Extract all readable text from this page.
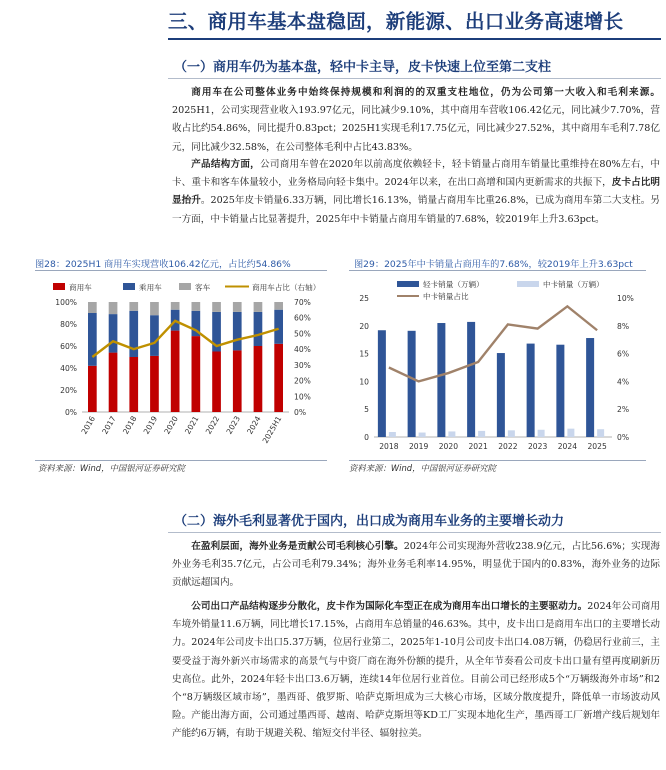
三、商用车基本盘稳固，新能源、出口业务高速增长
（一）商用车仍为基本盘，轻中卡主导，皮卡快速上位至第二支柱

商用车在公司整体业务中始终保持规模和利润的的双重支柱地位，仍为公司第一大收入和毛利来源。2025H1，公司实现营业收入193.97亿元，同比减少9.10%，其中商用车营收106.42亿元，同比减少7.70%，营收占比约54.86%，同比提升0.83pct；2025H1实现毛利17.75亿元，同比减少27.52%，其中商用车毛利7.78亿元，同比减少32.58%，在公司整体毛利中占比43.83%。

产品结构方面，公司商用车曾在2020年以前高度依赖轻卡，轻卡销量占商用车销量比重维持在80%左右，中卡、重卡和客车体量较小，业务格局向轻卡集中。2024年以来，在出口高增和国内更新需求的共振下，皮卡占比明显抬升。2025年皮卡销量6.33万辆，同比增长16.13%，销量占商用车比重26.8%，已成为商用车第二大支柱。另一方面，中卡销量占比显著提升，2025年中卡销量占商用车销量的7.68%，较2019年上升3.63pct。

图28：2025H1 商用车实现营收106.42亿元，占比约54.86%
商用车	乘用车	客车	商用车占比（右轴）
0%
20%
40%
60%
80%
100%
0%
10%
20%
30%
40%
50%
60%
70%
2016 2017 2018 2019 2020 2021 2022 2023 2024
2025H1
资料来源：Wind，中国银河证券研究院
图29：2025年中卡销量占商用车的7.68%，较2019年上升3.63pct
轻卡销量（万辆）	中卡销量（万辆）
中卡销量占比
0
5
10
15
20
25
0%
2%
4%
6%
8%
10%
2018 2019 2020 2021 2022 2023 2024 2025
资料来源：Wind，中国银河证券研究院
（二）海外毛利显著优于国内，出口成为商用车业务的主要增长动力

在盈利层面，海外业务是贡献公司毛利核心引擎。2024年公司实现海外营收238.9亿元，占比56.6%；实现海外业务毛利35.7亿元，占公司毛利79.34%；海外业务毛利率14.95%，明显优于国内的0.83%，海外业务的边际贡献远超国内。

公司出口产品结构逐步分散化，皮卡作为国际化车型正在成为商用车出口增长的主要驱动力。2024年公司商用车境外销量11.6万辆，同比增长17.15%，占商用车总销量的46.63%。其中，皮卡出口是商用车出口的主要增长动力。2024年公司皮卡出口5.37万辆，位居行业第二，2025年1-10月公司皮卡出口4.08万辆，仍稳居行业前三，主要受益于海外新兴市场需求的高景气与中资厂商在海外份额的提升，从全年节奏看公司皮卡出口量有望再度刷新历史高位。此外，2024年轻卡出口3.6万辆，连续14年位居行业首位。目前公司已经形成5个“万辆级海外市场”和2个“8万辆级区域市场”，墨西哥、俄罗斯、哈萨克斯坦成为三大核心市场，区域分散度提升，降低单一市场波动风险。产能出海方面，公司通过墨西哥、越南、哈萨克斯坦等KD工厂实现本地化生产，墨西哥工厂新增产线后规划年产能约6万辆，有助于规避关税、缩短交付半径、辐射拉美。
